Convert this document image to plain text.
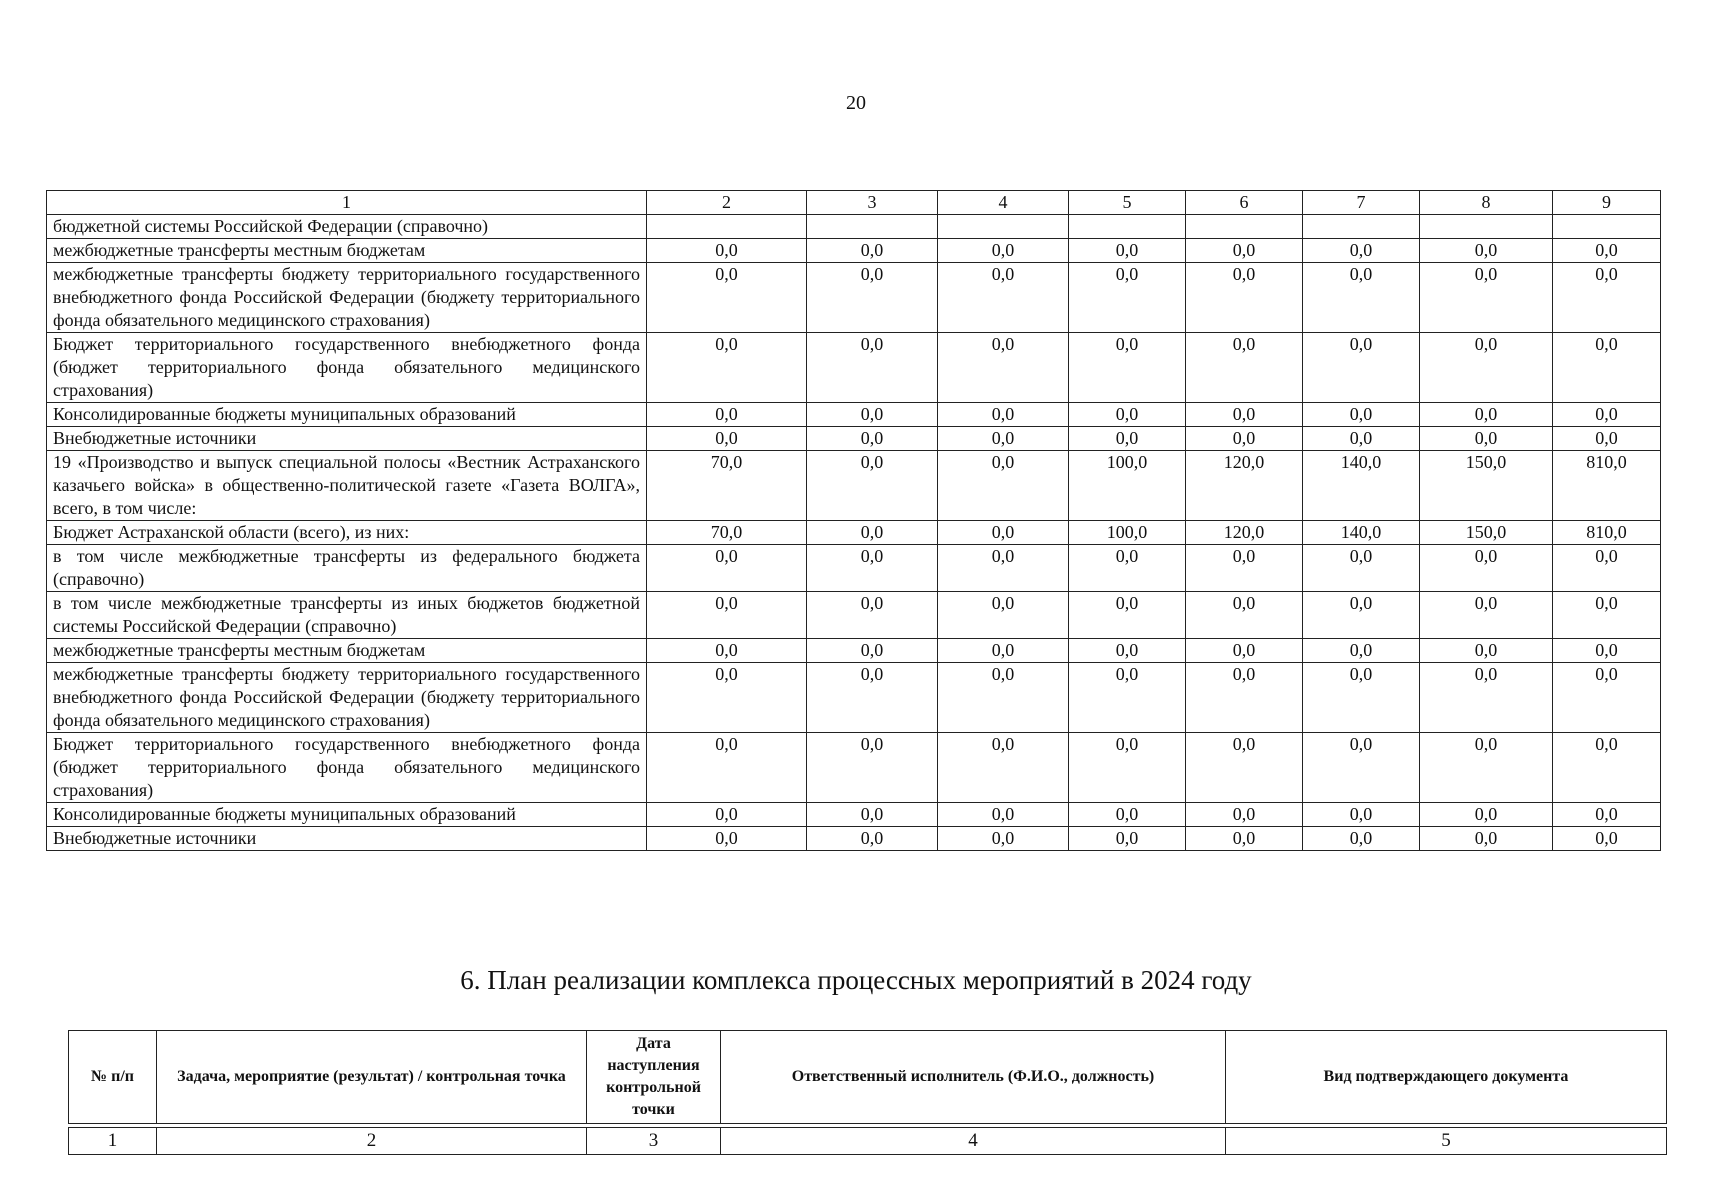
20
1	2	3	4	5	6	7	8	9
бюджетной системы Российской Федерации (справочно)								
межбюджетные трансферты местным бюджетам	0,0	0,0	0,0	0,0	0,0	0,0	0,0	0,0
межбюджетные трансферты бюджету территориального государственного внебюджетного фонда Российской Федерации (бюджету территориального фонда обязательного медицинского страхования)	0,0	0,0	0,0	0,0	0,0	0,0	0,0	0,0
Бюджет территориального государственного внебюджетного фонда (бюджет территориального фонда обязательного медицинского страхования)	0,0	0,0	0,0	0,0	0,0	0,0	0,0	0,0
Консолидированные бюджеты муниципальных образований	0,0	0,0	0,0	0,0	0,0	0,0	0,0	0,0
Внебюджетные источники	0,0	0,0	0,0	0,0	0,0	0,0	0,0	0,0
19 «Производство и выпуск специальной полосы «Вестник Астраханского казачьего войска» в общественно-политической газете «Газета ВОЛГА», всего, в том числе:	70,0	0,0	0,0	100,0	120,0	140,0	150,0	810,0
Бюджет Астраханской области (всего), из них:	70,0	0,0	0,0	100,0	120,0	140,0	150,0	810,0
в том числе межбюджетные трансферты из федерального бюджета (справочно)	0,0	0,0	0,0	0,0	0,0	0,0	0,0	0,0
в том числе межбюджетные трансферты из иных бюджетов бюджетной системы Российской Федерации (справочно)	0,0	0,0	0,0	0,0	0,0	0,0	0,0	0,0
межбюджетные трансферты местным бюджетам	0,0	0,0	0,0	0,0	0,0	0,0	0,0	0,0
межбюджетные трансферты бюджету территориального государственного внебюджетного фонда Российской Федерации (бюджету территориального фонда обязательного медицинского страхования)	0,0	0,0	0,0	0,0	0,0	0,0	0,0	0,0
Бюджет территориального государственного внебюджетного фонда (бюджет территориального фонда обязательного медицинского страхования)	0,0	0,0	0,0	0,0	0,0	0,0	0,0	0,0
Консолидированные бюджеты муниципальных образований	0,0	0,0	0,0	0,0	0,0	0,0	0,0	0,0
Внебюджетные источники	0,0	0,0	0,0	0,0	0,0	0,0	0,0	0,0
6. План реализации комплекса процессных мероприятий в 2024 году
№ п/п	Задача, мероприятие (результат) / контрольная точка	Дата наступления контрольной точки	Ответственный исполнитель (Ф.И.О., должность)	Вид подтверждающего документа

1	2	3	4	5
